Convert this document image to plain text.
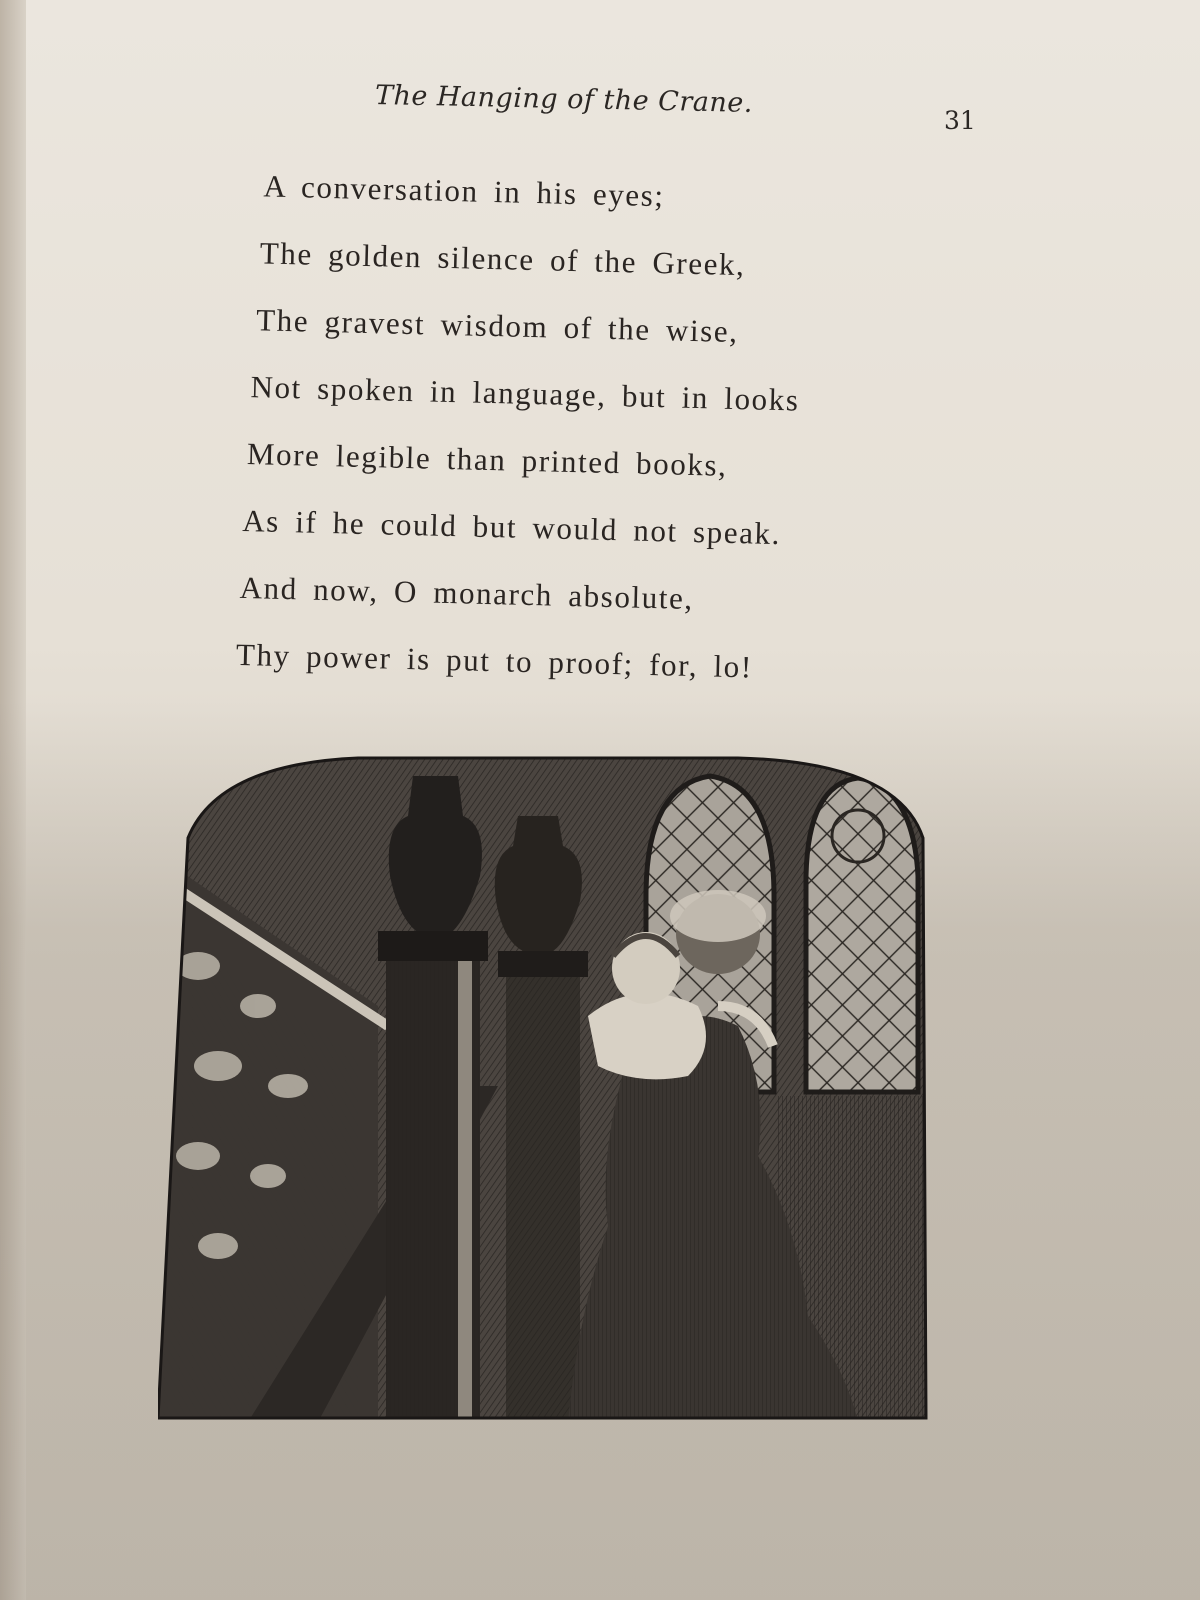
The Hanging of the Crane.
31
A conversation in his eyes;
The golden silence of the Greek,
The gravest wisdom of the wise,
Not spoken in language, but in looks
More legible than printed books,
As if he could but would not speak.
And now, O monarch absolute,
Thy power is put to proof; for, lo!
